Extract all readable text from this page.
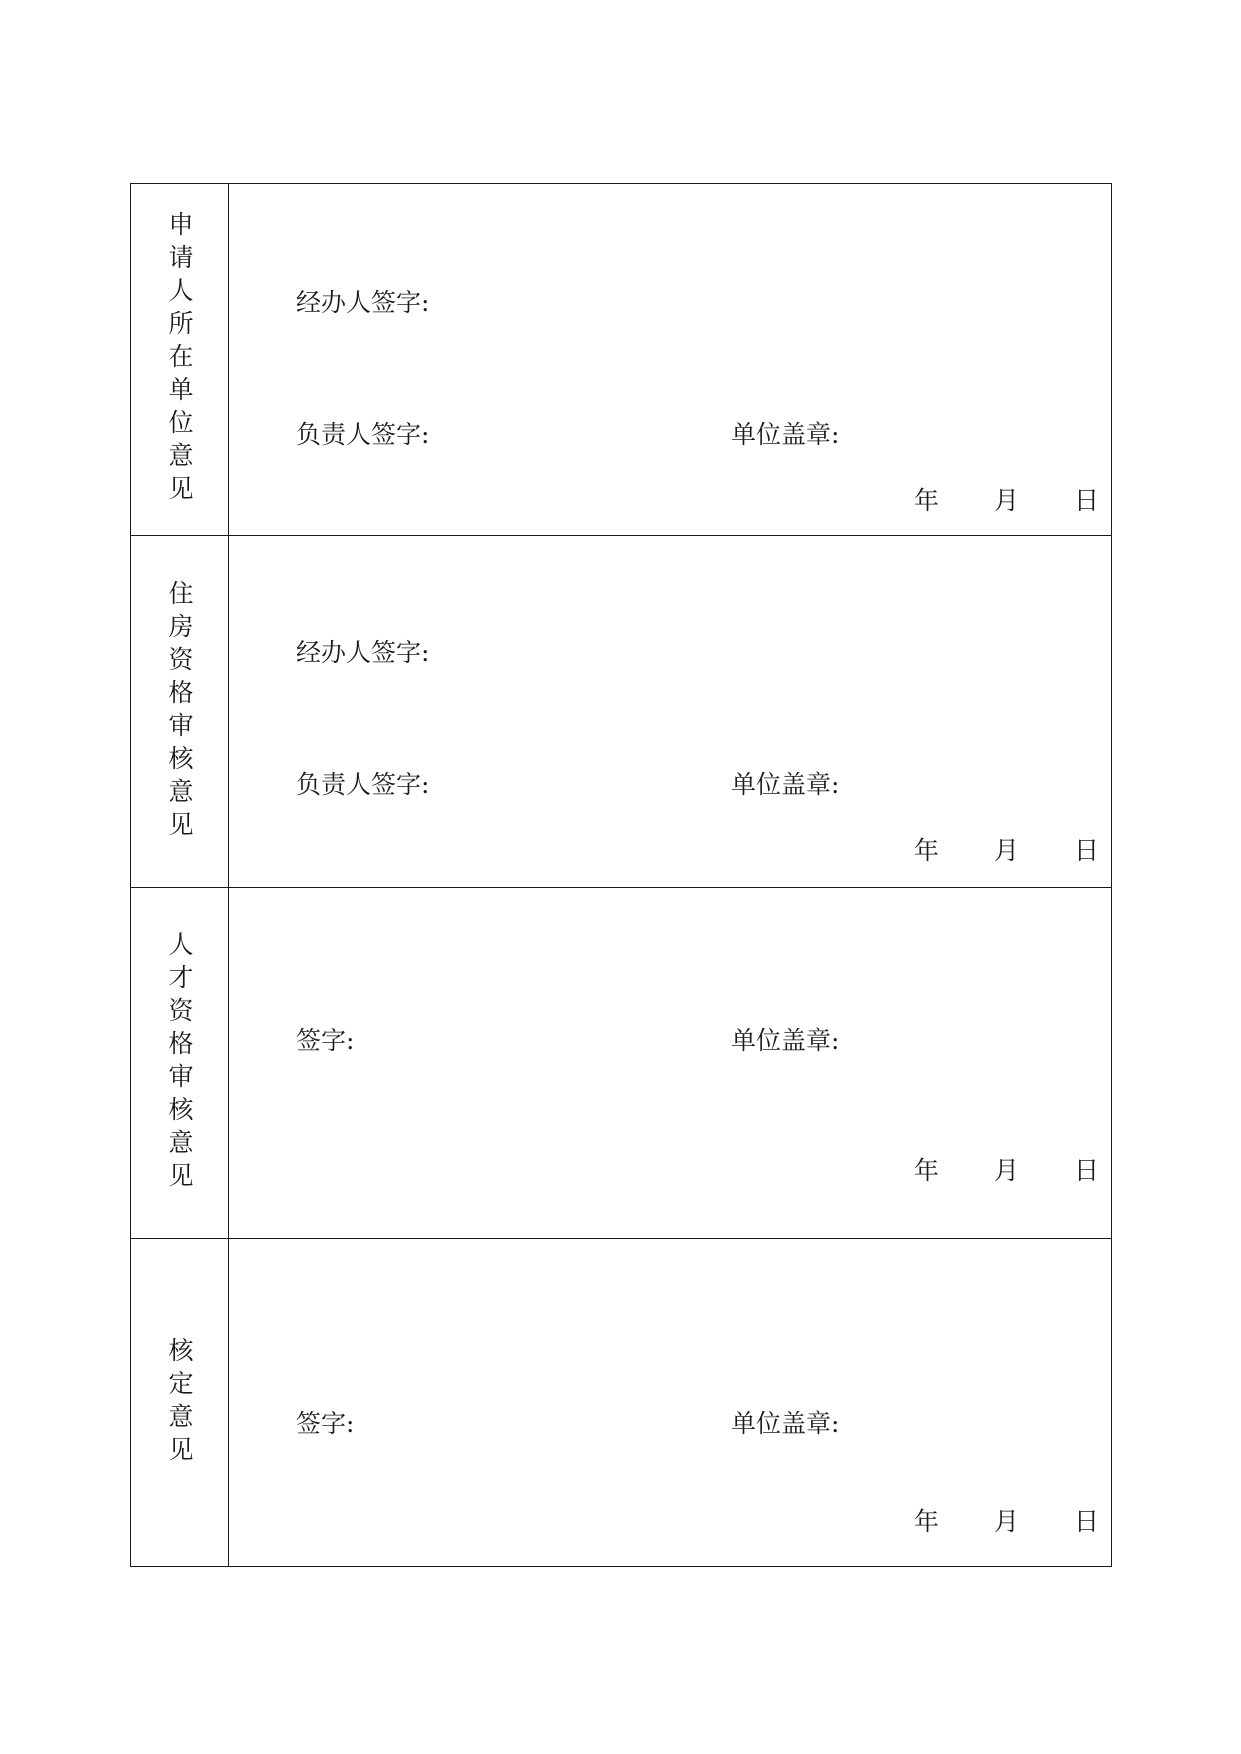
申请人所在单位意见	经办人签字:
负责人签字:	单位盖章:
年 月 日
住房资格审核意见	经办人签字:
负责人签字:	单位盖章:
年 月 日
人才资格审核意见	签字:	单位盖章:
年 月 日
核定意见	签字:	单位盖章:
年 月 日
